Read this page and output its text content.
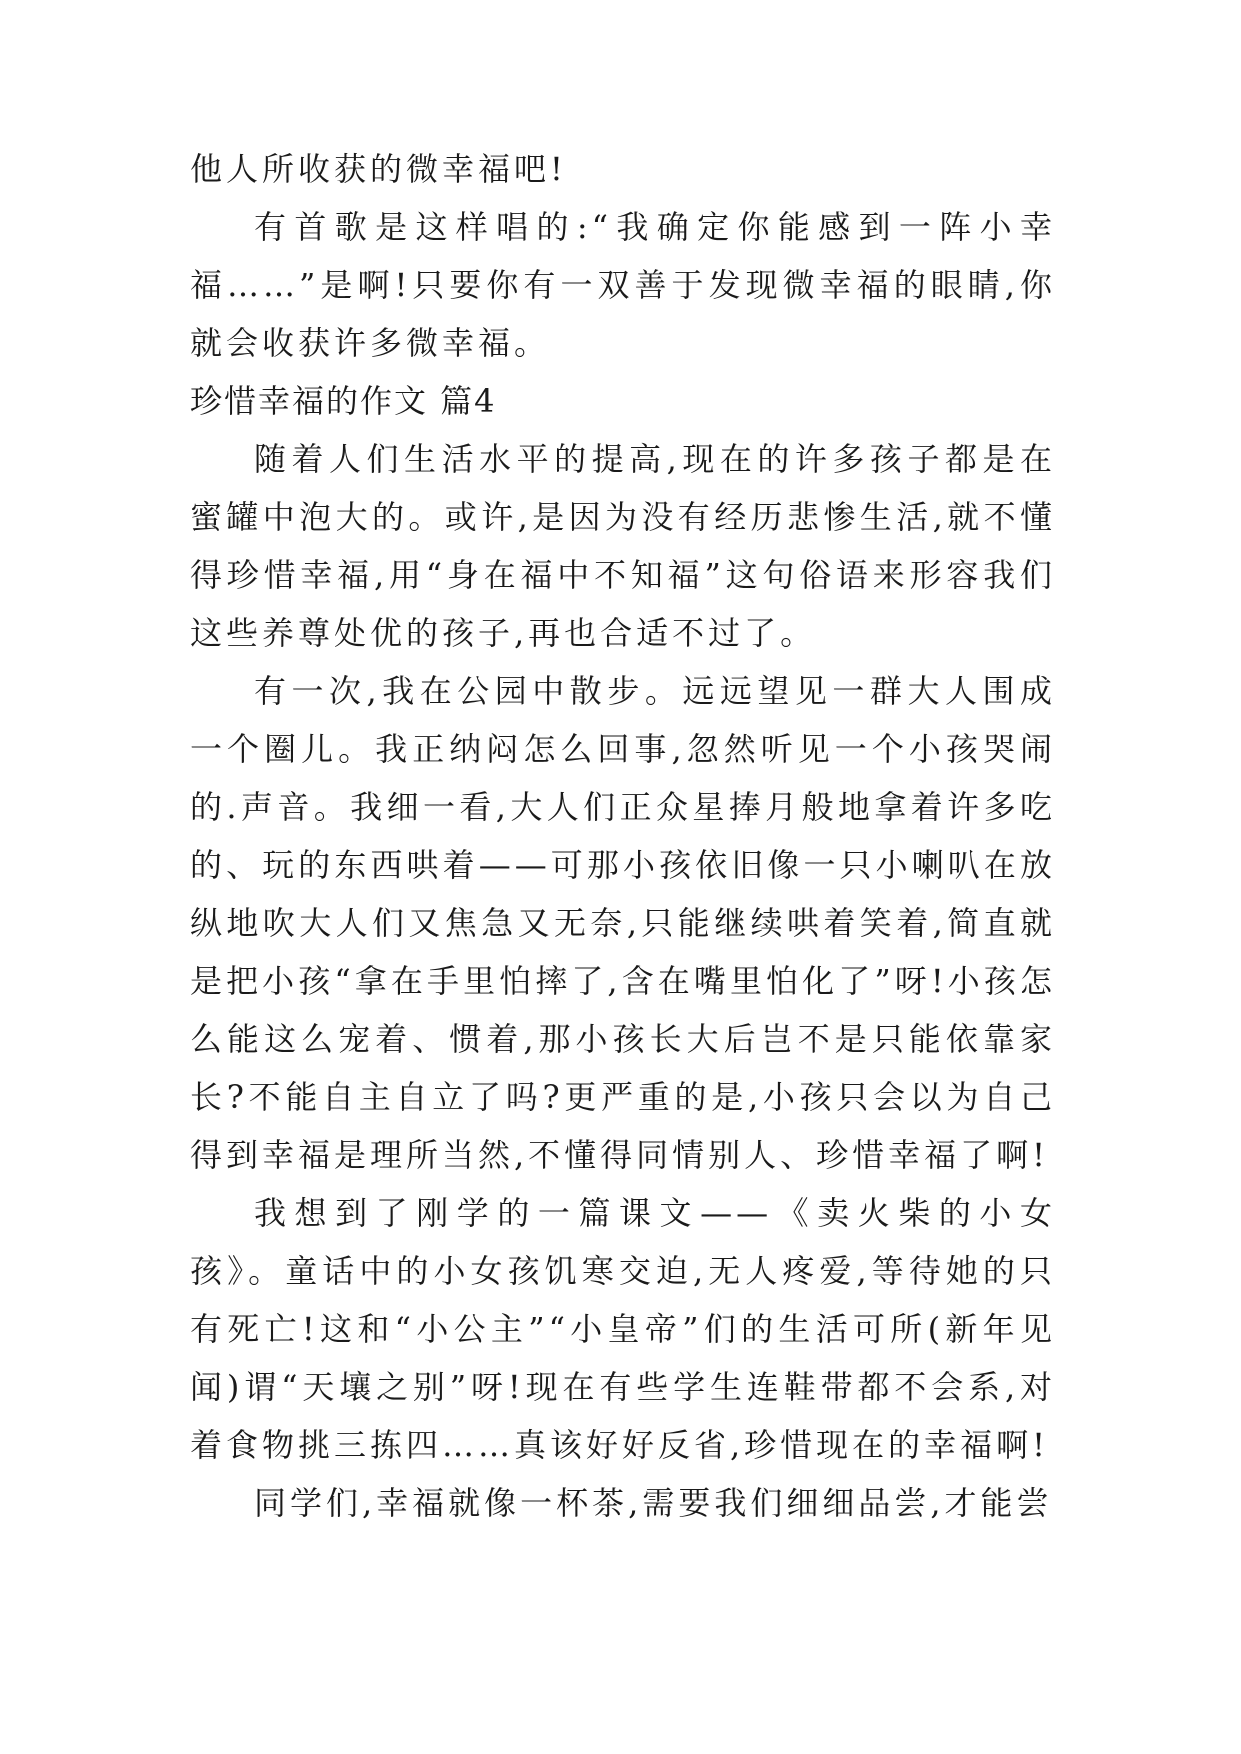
他人所收获的微幸福吧!

有首歌是这样唱的:“我确定你能感到一阵小幸福……”是啊!只要你有一双善于发现微幸福的眼睛,你就会收获许多微幸福。

珍惜幸福的作文 篇4

随着人们生活水平的提高,现在的许多孩子都是在蜜罐中泡大的。或许,是因为没有经历悲惨生活,就不懂得珍惜幸福,用“身在福中不知福”这句俗语来形容我们这些养尊处优的孩子,再也合适不过了。

有一次,我在公园中散步。远远望见一群大人围成一个圈儿。我正纳闷怎么回事,忽然听见一个小孩哭闹的.声音。我细一看,大人们正众星捧月般地拿着许多吃的、玩的东西哄着——可那小孩依旧像一只小喇叭在放纵地吹大人们又焦急又无奈,只能继续哄着笑着,简直就是把小孩“拿在手里怕摔了,含在嘴里怕化了”呀!小孩怎么能这么宠着、惯着,那小孩长大后岂不是只能依靠家长?不能自主自立了吗?更严重的是,小孩只会以为自己得到幸福是理所当然,不懂得同情别人、珍惜幸福了啊!

我想到了刚学的一篇课文——《卖火柴的小女孩》。童话中的小女孩饥寒交迫,无人疼爱,等待她的只有死亡!这和“小公主”“小皇帝”们的生活可所(新年见闻)谓“天壤之别”呀!现在有些学生连鞋带都不会系,对着食物挑三拣四……真该好好反省,珍惜现在的幸福啊!

同学们,幸福就像一杯茶,需要我们细细品尝,才能尝
